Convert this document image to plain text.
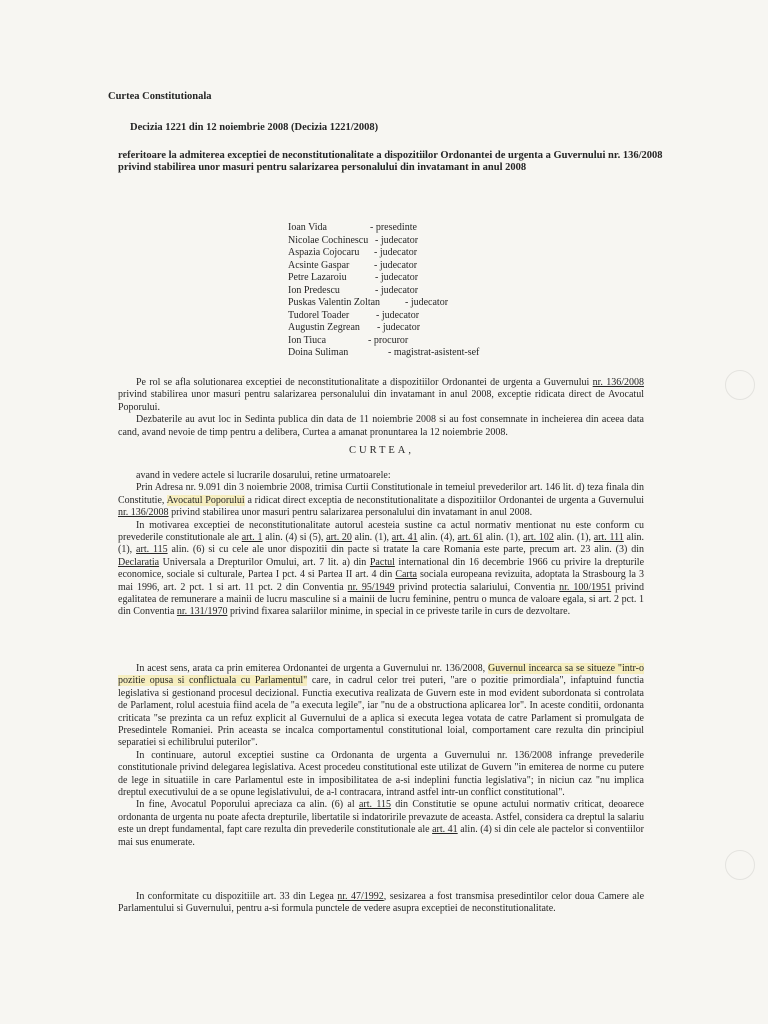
Curtea Constitutionala
Decizia 1221 din 12 noiembrie 2008 (Decizia 1221/2008)
referitoare la admiterea exceptiei de neconstitutionalitate a dispozitiilor Ordonantei de urgenta a Guvernului nr. 136/2008 privind stabilirea unor masuri pentru salarizarea personalului din invatamant in anul 2008
Ioan Vida	- presedinte
Nicolae Cochinescu - judecator
Aspazia Cojocaru	- judecator
Acsinte Gaspar	- judecator
Petre Lazaroiu	- judecator
Ion Predescu	- judecator
Puskas Valentin Zoltan	- judecator
Tudorel Toader	- judecator
Augustin Zegrean	- judecator
Ion Tiuca	- procuror
Doina Suliman	- magistrat-asistent-sef

Pe rol se afla solutionarea exceptiei de neconstitutionalitate a dispozitiilor Ordonantei de urgenta a Guvernului nr. 136/2008 privind stabilirea unor masuri pentru salarizarea personalului din invatamant in anul 2008, exceptie ridicata direct de Avocatul Poporului.

Dezbaterile au avut loc in Sedinta publica din data de 11 noiembrie 2008 si au fost consemnate in incheierea din aceea data cand, avand nevoie de timp pentru a delibera, Curtea a amanat pronuntarea la 12 noiembrie 2008.

CURTEA,

avand in vedere actele si lucrarile dosarului, retine urmatoarele:

Prin Adresa nr. 9.091 din 3 noiembrie 2008, trimisa Curtii Constitutionale in temeiul prevederilor art. 146 lit. d) teza finala din Constitutie, Avocatul Poporului a ridicat direct exceptia de neconstitutionalitate a dispozitiilor Ordonantei de urgenta a Guvernului nr. 136/2008 privind stabilirea unor masuri pentru salarizarea personalului din invatamant in anul 2008.

In motivarea exceptiei de neconstitutionalitate autorul acesteia sustine ca actul normativ mentionat nu este conform cu prevederile constitutionale ale art. 1 alin. (4) si (5), art. 20 alin. (1), art. 41 alin. (4), art. 61 alin. (1), art. 102 alin. (1), art. 111 alin. (1), art. 115 alin. (6) si cu cele ale unor dispozitii din pacte si tratate la care Romania este parte, precum art. 23 alin. (3) din Declaratia Universala a Drepturilor Omului, art. 7 lit. a) din Pactul international din 16 decembrie 1966 cu privire la drepturile economice, sociale si culturale, Partea I pct. 4 si Partea II art. 4 din Carta sociala europeana revizuita, adoptata la Strasbourg la 3 mai 1996, art. 2 pct. 1 si art. 11 pct. 2 din Conventia nr. 95/1949 privind protectia salariului, Conventia nr. 100/1951 privind egalitatea de remunerare a mainii de lucru masculine si a mainii de lucru feminine, pentru o munca de valoare egala, si art. 2 pct. 1 din Conventia nr. 131/1970 privind fixarea salariilor minime, in special in ce priveste tarile in curs de dezvoltare.

In acest sens, arata ca prin emiterea Ordonantei de urgenta a Guvernului nr. 136/2008, Guvernul incearca sa se situeze "intr-o pozitie opusa si conflictuala cu Parlamentul" care, in cadrul celor trei puteri, "are o pozitie primordiala", infaptuind functia legislativa si gestionand procesul decizional. Functia executiva realizata de Guvern este in mod evident subordonata si controlata de Parlament, rolul acestuia fiind acela de "a executa legile", iar "nu de a obstructiona aplicarea lor". In aceste conditii, ordonanta criticata "se prezinta ca un refuz explicit al Guvernului de a aplica si executa legea votata de catre Parlament si promulgata de Presedintele Romaniei. Prin aceasta se incalca comportamentul constitutional loial, comportament care rezulta din principiul separatiei si echilibrului puterilor".

In continuare, autorul exceptiei sustine ca Ordonanta de urgenta a Guvernului nr. 136/2008 infrange prevederile constitutionale privind delegarea legislativa. Acest procedeu constitutional este utilizat de Guvern "in emiterea de norme cu putere de lege in situatiile in care Parlamentul este in imposibilitatea de a-si indeplini functia legislativa"; in niciun caz "nu implica dreptul executivului de a se opune legislativului, de a-l contracara, intrand astfel intr-un conflict constitutional".

In fine, Avocatul Poporului apreciaza ca alin. (6) al art. 115 din Constitutie se opune actului normativ criticat, deoarece ordonanta de urgenta nu poate afecta drepturile, libertatile si indatoririle prevazute de aceasta. Astfel, considera ca dreptul la salariu este un drept fundamental, fapt care rezulta din prevederile constitutionale ale art. 41 alin. (4) si din cele ale pactelor si conventiilor mai sus enumerate.

In conformitate cu dispozitiile art. 33 din Legea nr. 47/1992, sesizarea a fost transmisa presedintilor celor doua Camere ale Parlamentului si Guvernului, pentru a-si formula punctele de vedere asupra exceptiei de neconstitutionalitate.
